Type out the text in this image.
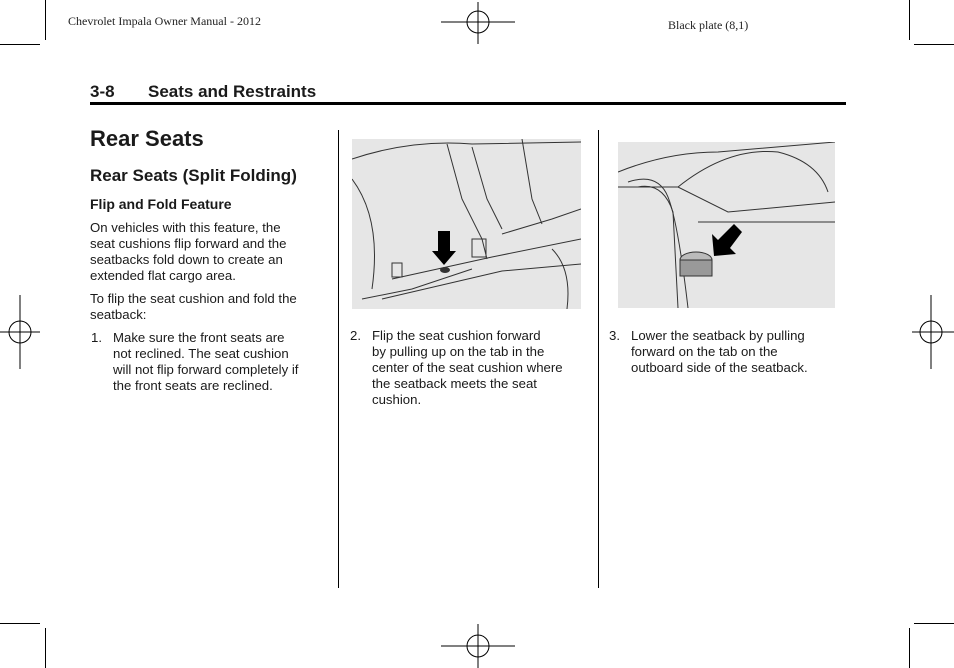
Chevrolet Impala Owner Manual - 2012	Black plate (8,1)
3-8 Seats and Restraints
Rear Seats
Rear Seats (Split Folding)
Flip and Fold Feature
On vehicles with this feature, the
seat cushions flip forward and the
seatbacks fold down to create an
extended flat cargo area.
To flip the seat cushion and fold the
seatback:
1. Make sure the front seats are
not reclined. The seat cushion
will not flip forward completely if
the front seats are reclined.
2. Flip the seat cushion forward
by pulling up on the tab in the
center of the seat cushion where
the seatback meets the seat
cushion.
3. Lower the seatback by pulling
forward on the tab on the
outboard side of the seatback.
